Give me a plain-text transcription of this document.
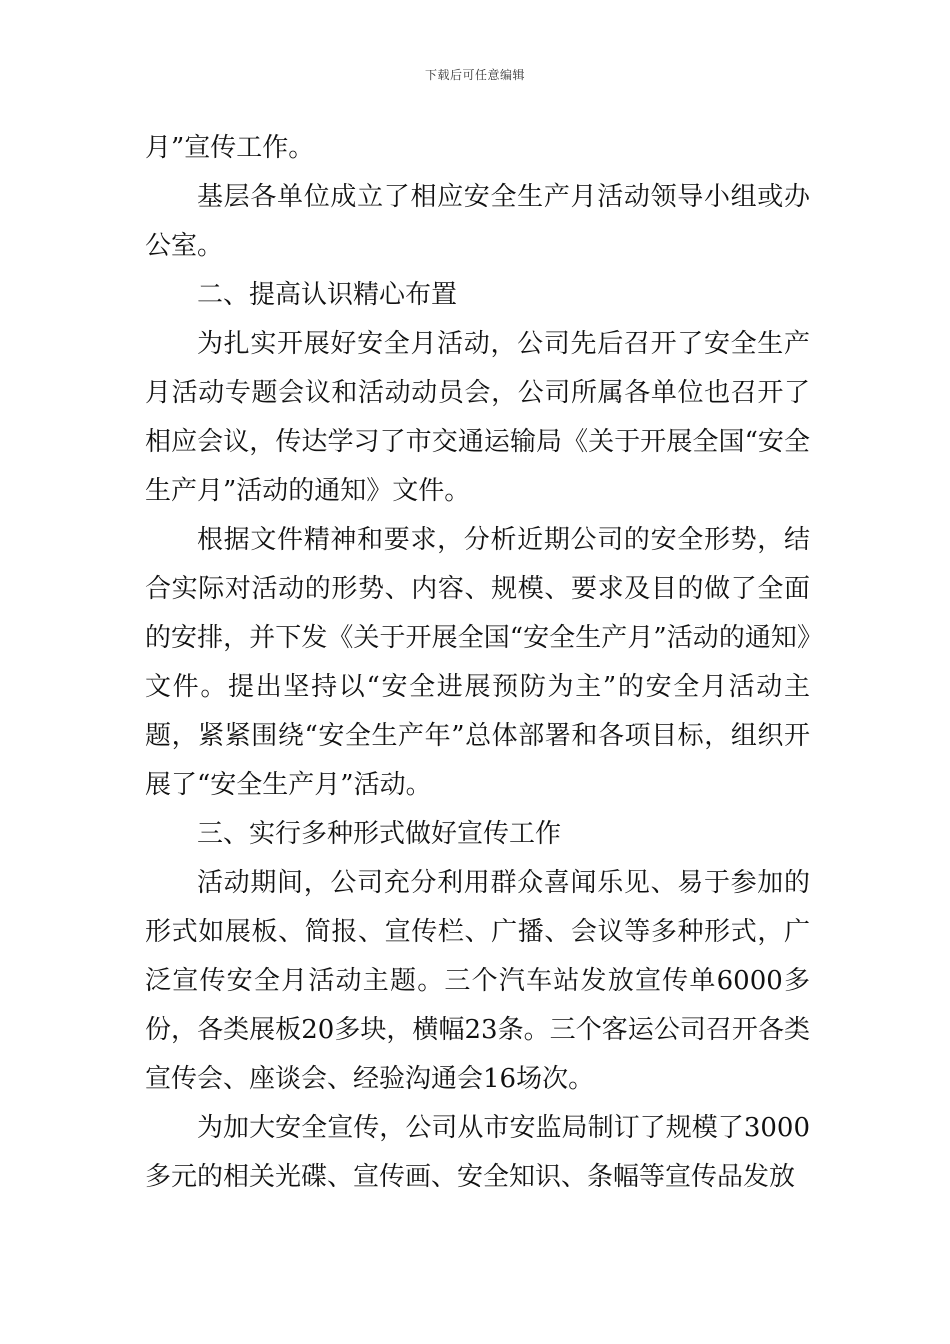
下载后可任意编辑

月”宣传工作。

基层各单位成立了相应安全生产月活动领导小组或办公室。

二、提高认识精心布置

为扎实开展好安全月活动，公司先后召开了安全生产月活动专题会议和活动动员会，公司所属各单位也召开了相应会议，传达学习了市交通运输局《关于开展全国“安全生产月”活动的通知》文件。

根据文件精神和要求，分析近期公司的安全形势，结合实际对活动的形势、内容、规模、要求及目的做了全面的安排，并下发《关于开展全国“安全生产月”活动的通知》文件。提出坚持以“安全进展预防为主”的安全月活动主题，紧紧围绕“安全生产年”总体部署和各项目标，组织开展了“安全生产月”活动。

三、实行多种形式做好宣传工作

活动期间，公司充分利用群众喜闻乐见、易于参加的形式如展板、简报、宣传栏、广播、会议等多种形式，广泛宣传安全月活动主题。三个汽车站发放宣传单6000多份，各类展板20多块，横幅23条。三个客运公司召开各类宣传会、座谈会、经验沟通会16场次。

为加大安全宣传，公司从市安监局制订了规模了3000多元的相关光碟、宣传画、安全知识、条幅等宣传品发放
